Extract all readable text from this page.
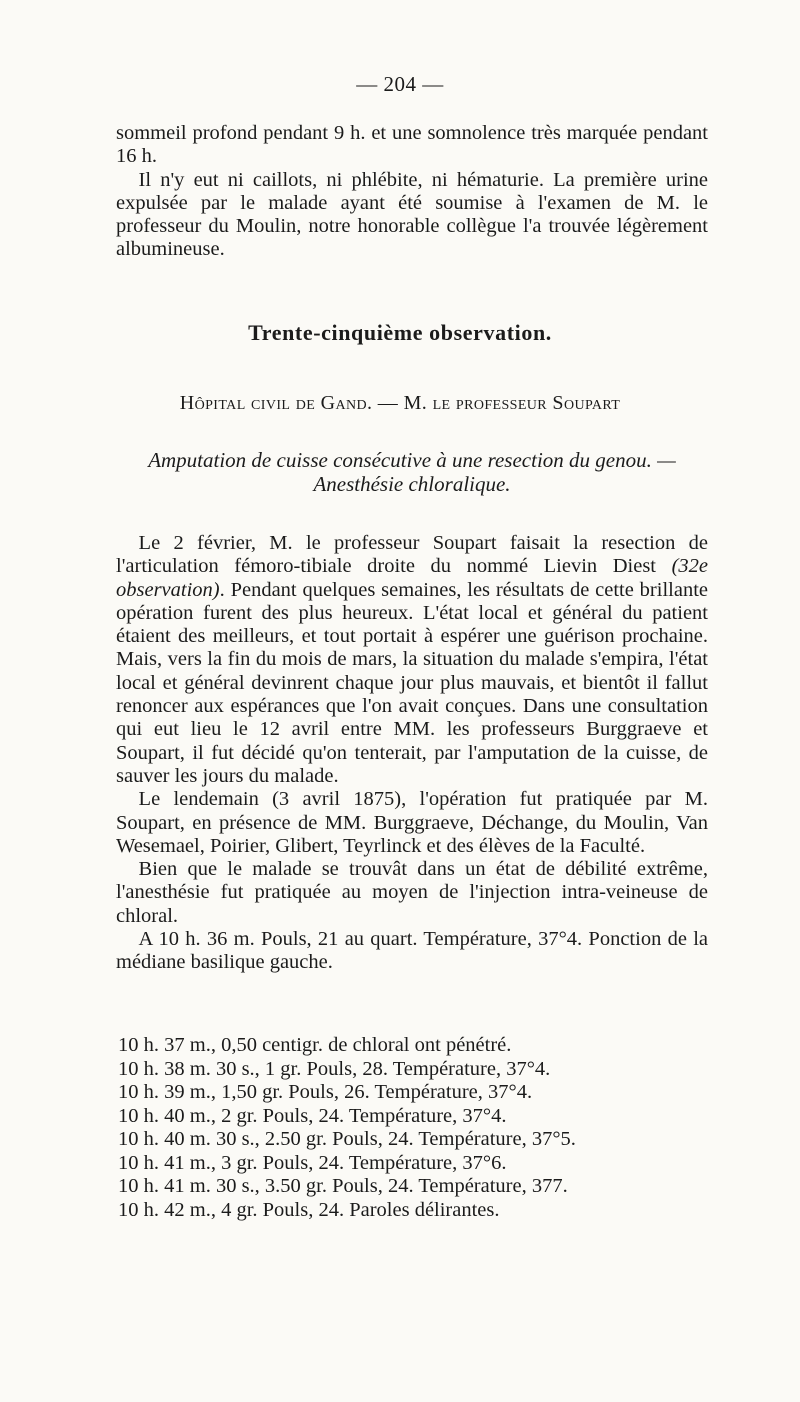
— 204 —

sommeil profond pendant 9 h. et une somnolence très marquée pendant 16 h.

Il n'y eut ni caillots, ni phlébite, ni hématurie. La première urine expulsée par le malade ayant été soumise à l'examen de M. le professeur du Moulin, notre honorable collègue l'a trouvée légèrement albumineuse.

Trente-cinquième observation.
Hôpital civil de Gand. — M. le professeur Soupart
Amputation de cuisse consécutive à une resection du genou. —
Anesthésie chloralique.

Le 2 février, M. le professeur Soupart faisait la resection de l'articulation fémoro-tibiale droite du nommé Lievin Diest (32e observation). Pendant quelques semaines, les résultats de cette brillante opération furent des plus heureux. L'état local et général du patient étaient des meilleurs, et tout portait à espérer une guérison prochaine. Mais, vers la fin du mois de mars, la situation du malade s'empira, l'état local et général devinrent chaque jour plus mauvais, et bientôt il fallut renoncer aux espérances que l'on avait conçues. Dans une consultation qui eut lieu le 12 avril entre MM. les professeurs Burggraeve et Soupart, il fut décidé qu'on tenterait, par l'amputation de la cuisse, de sauver les jours du malade.

Le lendemain (3 avril 1875), l'opération fut pratiquée par M. Soupart, en présence de MM. Burggraeve, Déchange, du Moulin, Van Wesemael, Poirier, Glibert, Teyrlinck et des élèves de la Faculté.

Bien que le malade se trouvât dans un état de débilité extrême, l'anesthésie fut pratiquée au moyen de l'injection intra-veineuse de chloral.

A 10 h. 36 m. Pouls, 21 au quart. Température, 37°4. Ponction de la médiane basilique gauche.

10 h. 37 m., 0,50 centigr. de chloral ont pénétré.
10 h. 38 m. 30 s., 1 gr. Pouls, 28. Température, 37°4.
10 h. 39 m., 1,50 gr. Pouls, 26. Température, 37°4.
10 h. 40 m., 2 gr. Pouls, 24. Température, 37°4.
10 h. 40 m. 30 s., 2.50 gr. Pouls, 24. Température, 37°5.
10 h. 41 m., 3 gr. Pouls, 24. Température, 37°6.
10 h. 41 m. 30 s., 3.50 gr. Pouls, 24. Température, 377.
10 h. 42 m., 4 gr. Pouls, 24. Paroles délirantes.
